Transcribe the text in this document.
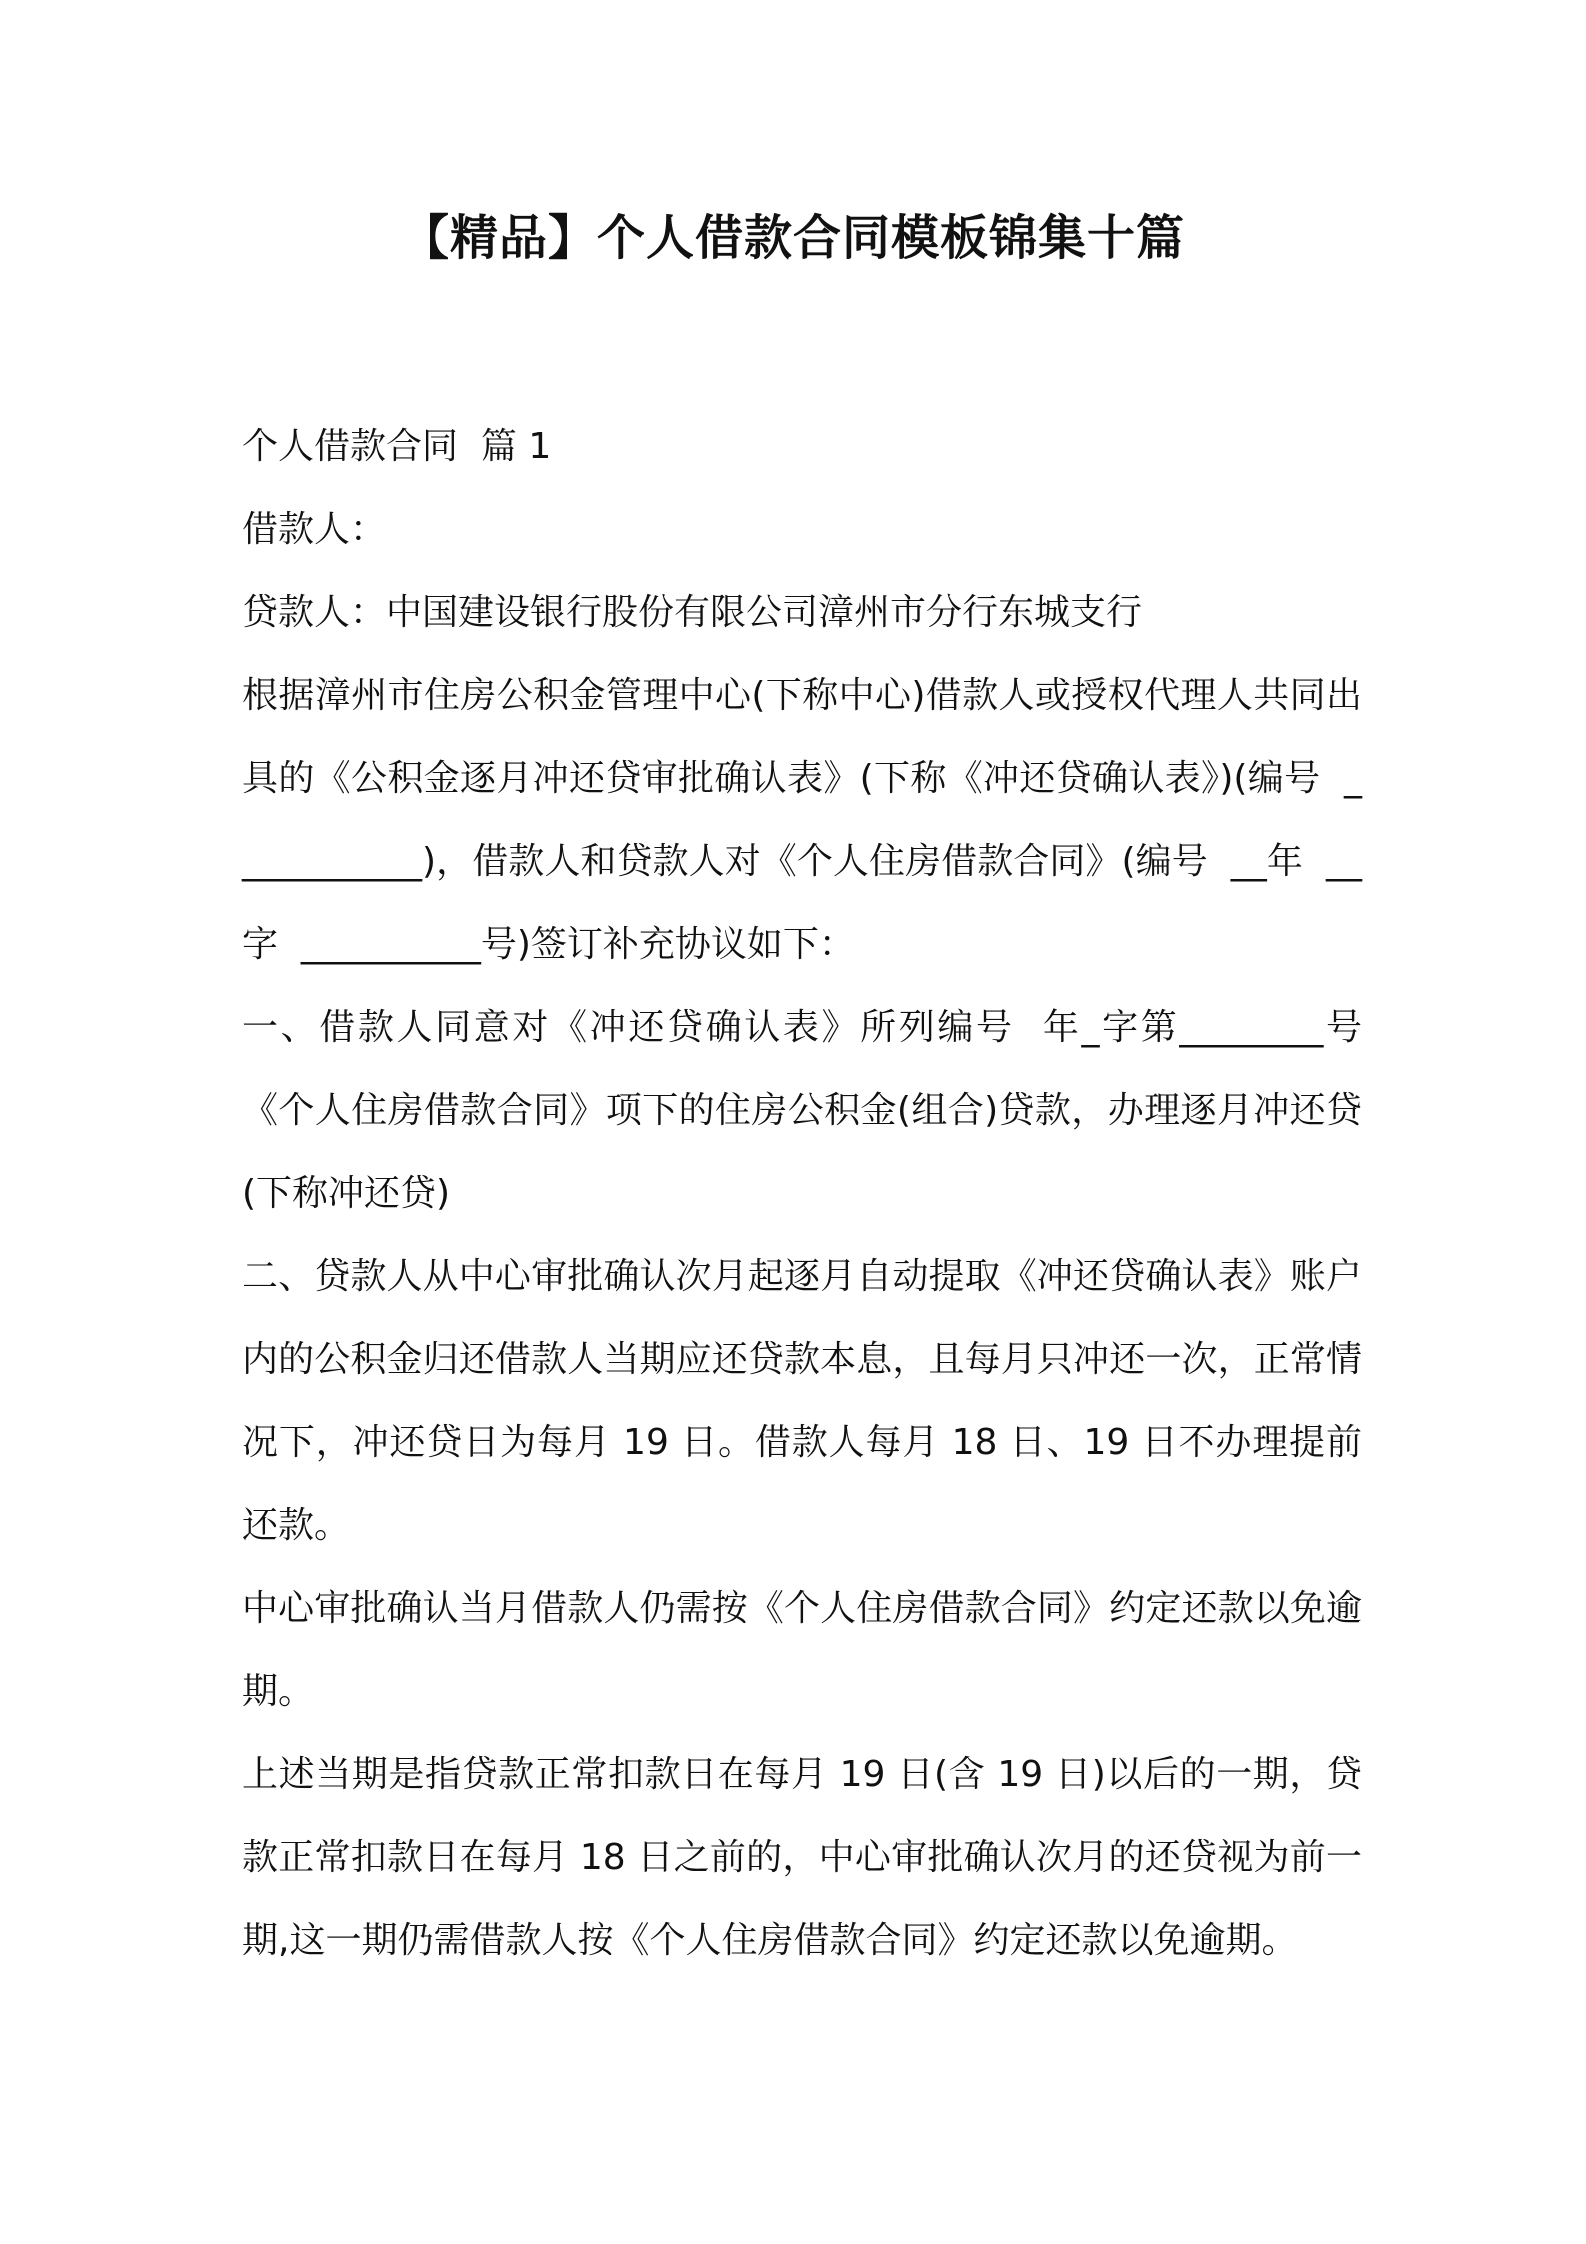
【精品】个人借款合同模板锦集十篇

个人借款合同  篇 1

借款人：

贷款人：中国建设银行股份有限公司漳州市分行东城支行

根据漳州市住房公积金管理中心(下称中心)借款人或授权代理人共同出具的《公积金逐月冲还贷审批确认表》(下称《冲还贷确认表》)(编号  ___________)，借款人和贷款人对《个人住房借款合同》(编号  __年  __字  __________号)签订补充协议如下：

一、借款人同意对《冲还贷确认表》所列编号  年_字第________号《个人住房借款合同》项下的住房公积金(组合)贷款，办理逐月冲还贷(下称冲还贷)

二、贷款人从中心审批确认次月起逐月自动提取《冲还贷确认表》账户内的公积金归还借款人当期应还贷款本息，且每月只冲还一次，正常情况下，冲还贷日为每月 19 日。借款人每月 18 日、19 日不办理提前还款。

中心审批确认当月借款人仍需按《个人住房借款合同》约定还款以免逾期。

上述当期是指贷款正常扣款日在每月 19 日(含 19 日)以后的一期，贷款正常扣款日在每月 18 日之前的，中心审批确认次月的还贷视为前一期,这一期仍需借款人按《个人住房借款合同》约定还款以免逾期。
